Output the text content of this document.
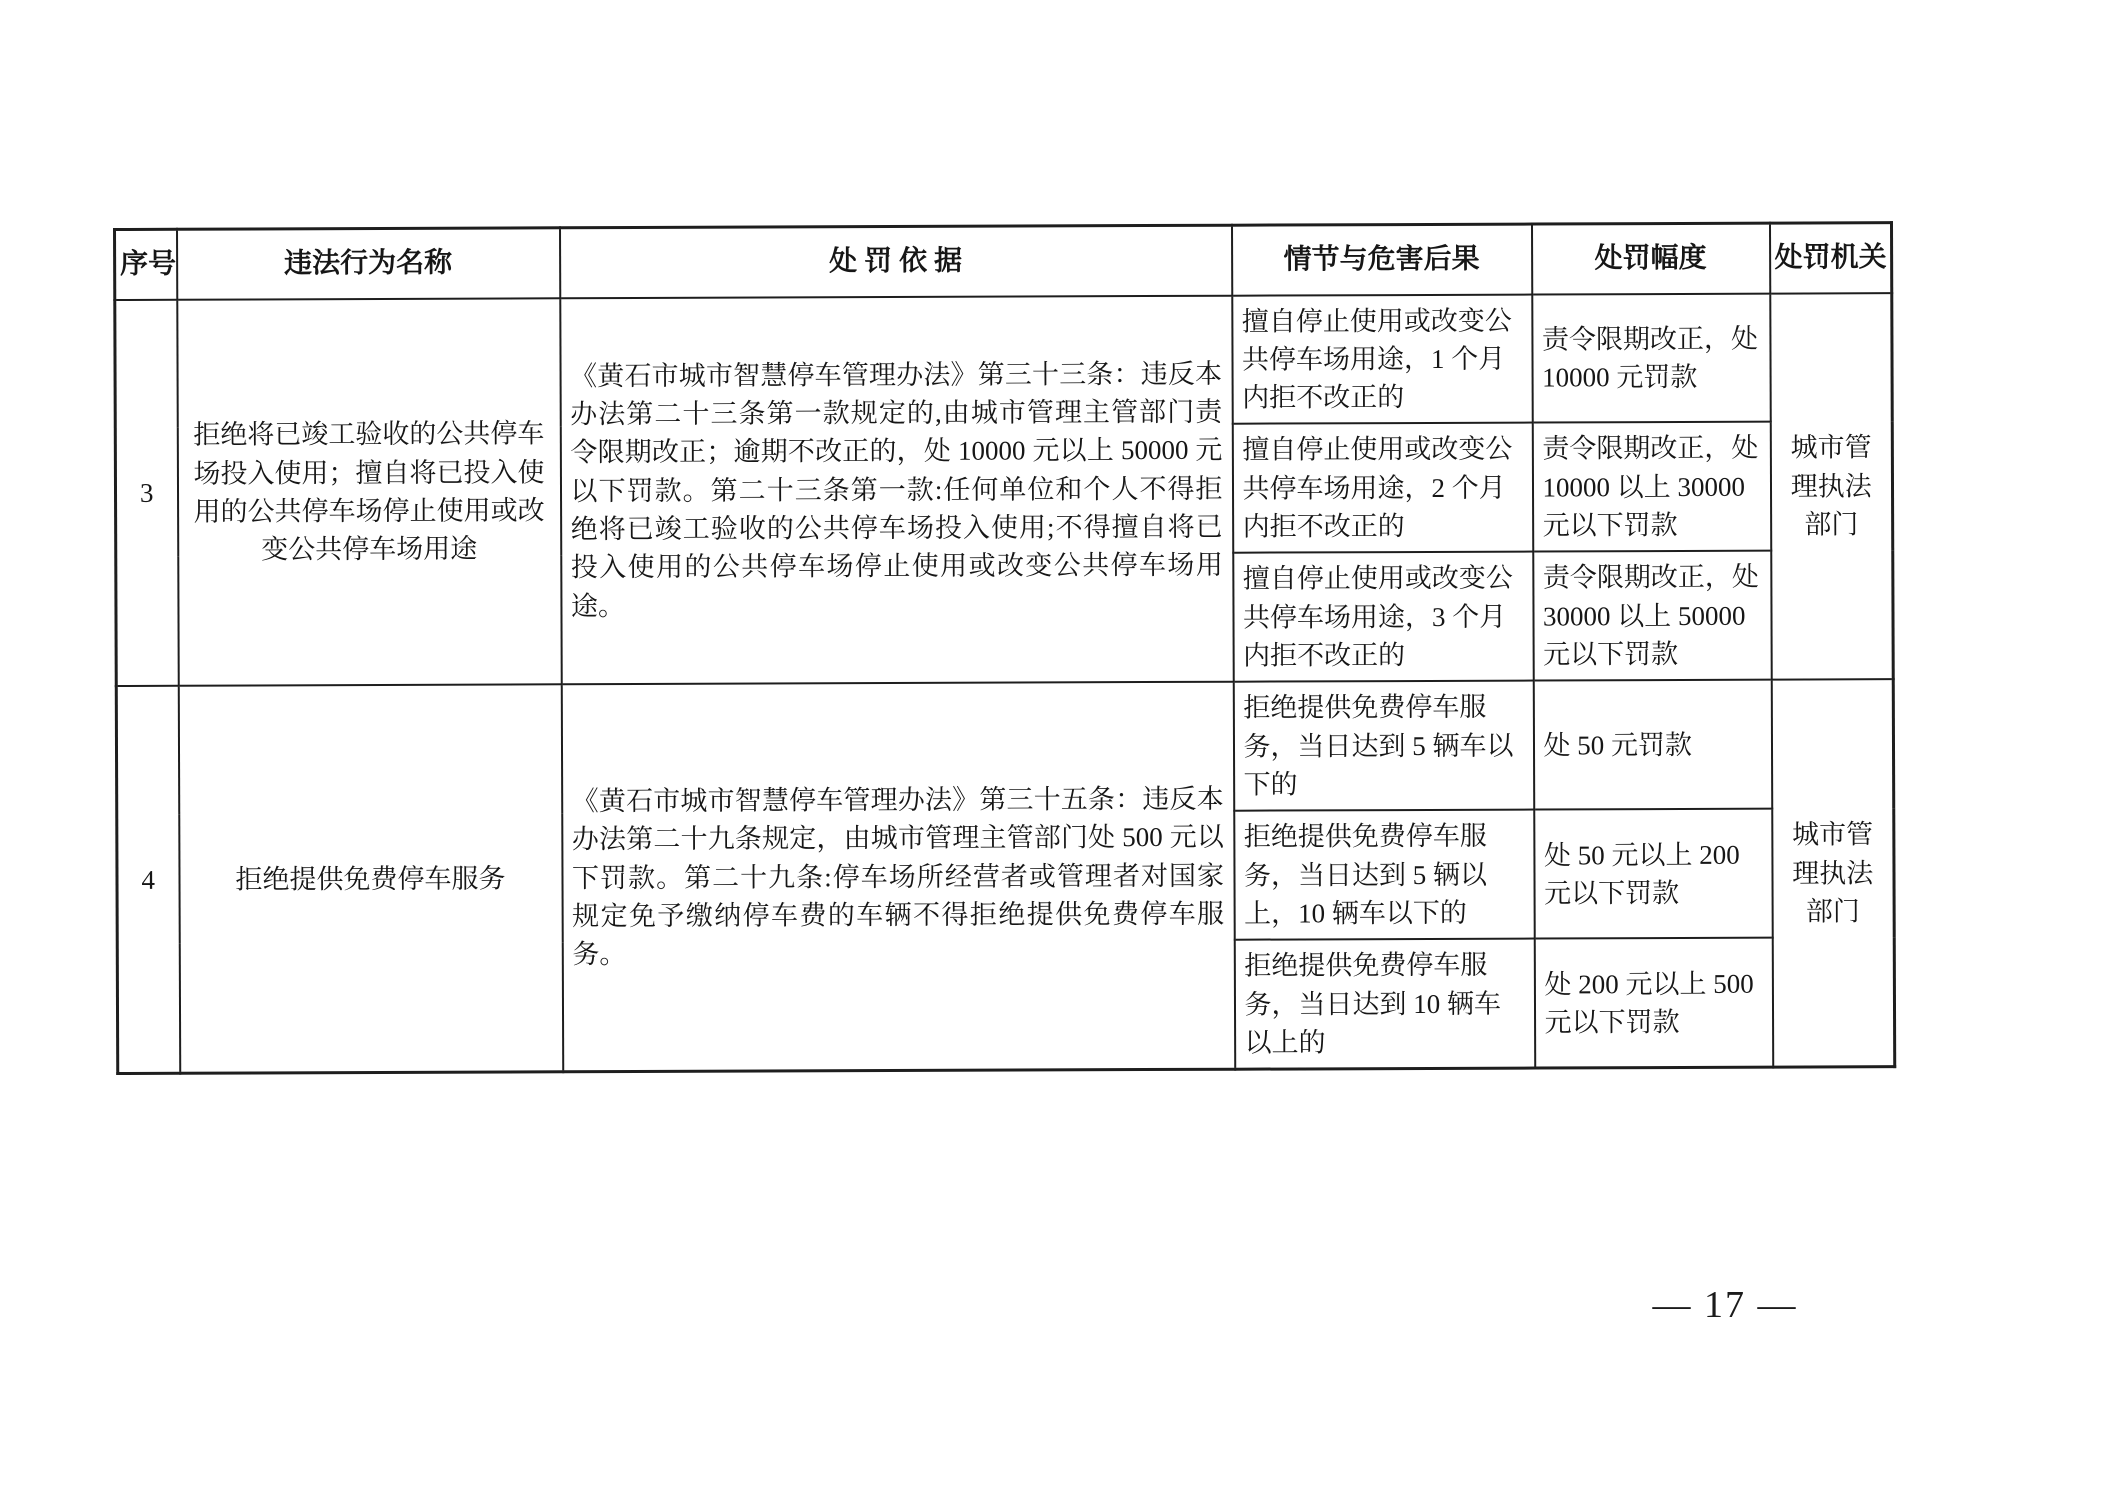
序号	违法行为名称	处 罚 依 据	情节与危害后果	处罚幅度	处罚机关
3	拒绝将已竣工验收的公共停车场投入使用；擅自将已投入使用的公共停车场停止使用或改变公共停车场用途	《黄石市城市智慧停车管理办法》第三十三条：违反本办法第二十三条第一款规定的,由城市管理主管部门责令限期改正；逾期不改正的，处 10000 元以上 50000 元以下罚款。第二十三条第一款:任何单位和个人不得拒绝将已竣工验收的公共停车场投入使用;不得擅自将已投入使用的公共停车场停止使用或改变公共停车场用途。	擅自停止使用或改变公共停车场用途，1 个月内拒不改正的	责令限期改正，处 10000 元罚款	城市管理执法部门
			擅自停止使用或改变公共停车场用途，2 个月内拒不改正的	责令限期改正，处 10000 以上 30000 元以下罚款	
			擅自停止使用或改变公共停车场用途，3 个月内拒不改正的	责令限期改正，处 30000 以上 50000 元以下罚款	
4	拒绝提供免费停车服务	《黄石市城市智慧停车管理办法》第三十五条：违反本办法第二十九条规定，由城市管理主管部门处 500 元以下罚款。第二十九条:停车场所经营者或管理者对国家规定免予缴纳停车费的车辆不得拒绝提供免费停车服务。	拒绝提供免费停车服务，当日达到 5 辆车以下的	处 50 元罚款	城市管理执法部门
			拒绝提供免费停车服务，当日达到 5 辆以上，10 辆车以下的	处 50 元以上 200 元以下罚款	
			拒绝提供免费停车服务，当日达到 10 辆车以上的	处 200 元以上 500 元以下罚款	
— 17 —
